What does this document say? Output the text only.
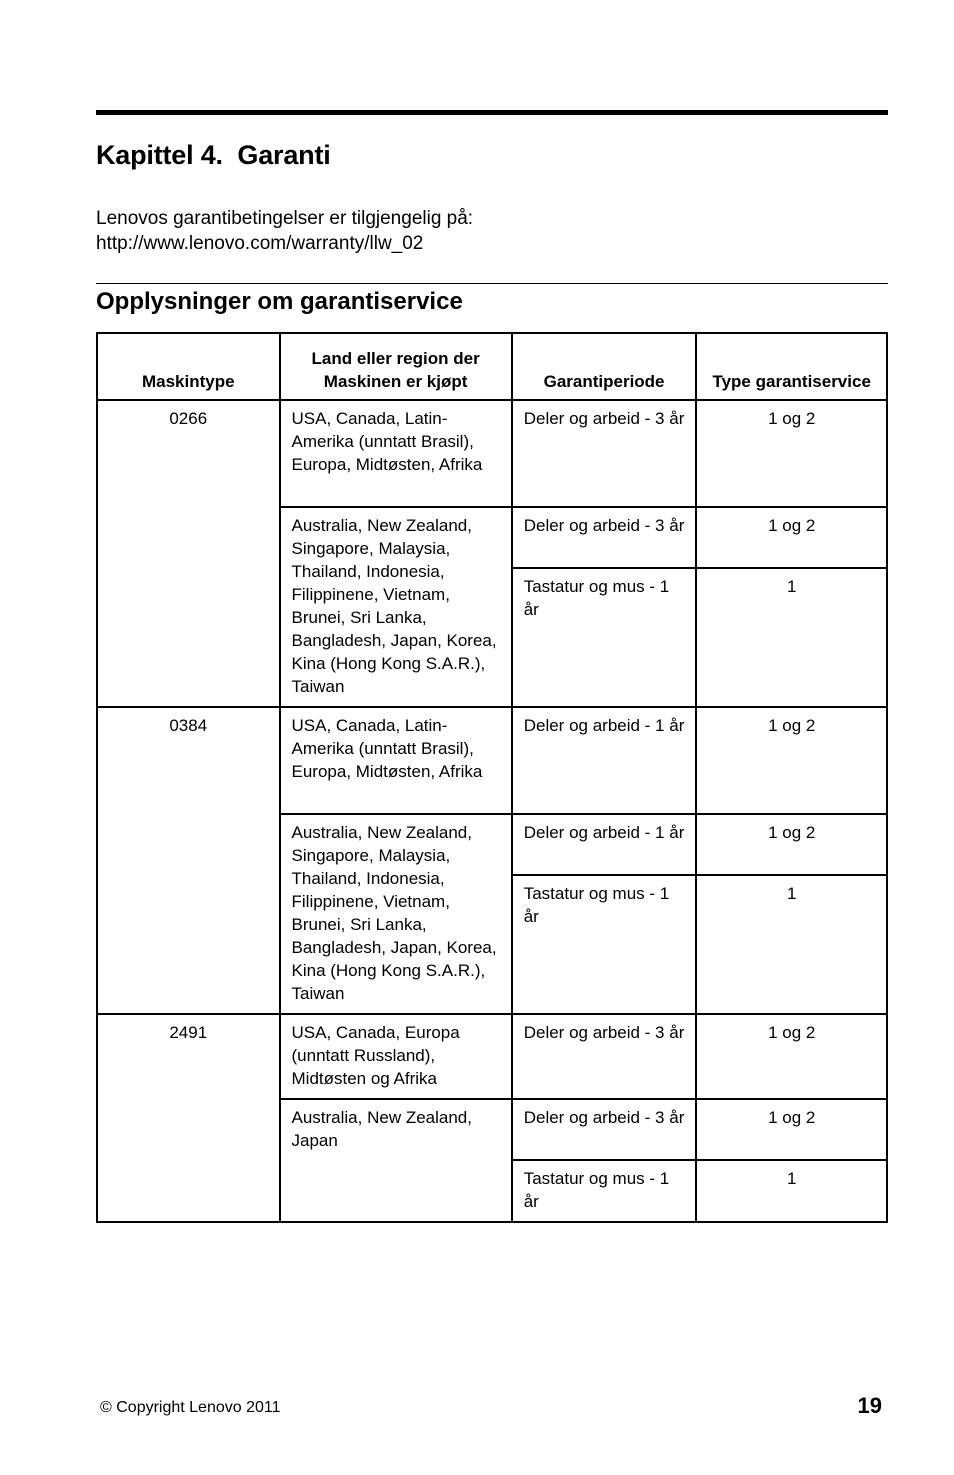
Kapittel 4.  Garanti
Lenovos garantibetingelser er tilgjengelig på:
http://www.lenovo.com/warranty/llw_02
Opplysninger om garantiservice
Maskintype	Land eller region der Maskinen er kjøpt	Garantiperiode	Type garantiservice
0266	USA, Canada, Latin-Amerika (unntatt Brasil), Europa, Midtøsten, Afrika	Deler og arbeid - 3 år	1 og 2
	Australia, New Zealand, Singapore, Malaysia, Thailand, Indonesia, Filippinene, Vietnam, Brunei, Sri Lanka, Bangladesh, Japan, Korea, Kina (Hong Kong S.A.R.), Taiwan	Deler og arbeid - 3 år	1 og 2
		Tastatur og mus - 1 år	1
0384	USA, Canada, Latin-Amerika (unntatt Brasil), Europa, Midtøsten, Afrika	Deler og arbeid - 1 år	1 og 2
	Australia, New Zealand, Singapore, Malaysia, Thailand, Indonesia, Filippinene, Vietnam, Brunei, Sri Lanka, Bangladesh, Japan, Korea, Kina (Hong Kong S.A.R.), Taiwan	Deler og arbeid - 1 år	1 og 2
		Tastatur og mus - 1 år	1
2491	USA, Canada, Europa (unntatt Russland), Midtøsten og Afrika	Deler og arbeid - 3 år	1 og 2
	Australia, New Zealand, Japan	Deler og arbeid - 3 år	1 og 2
		Tastatur og mus - 1 år	1
© Copyright Lenovo 2011	19
